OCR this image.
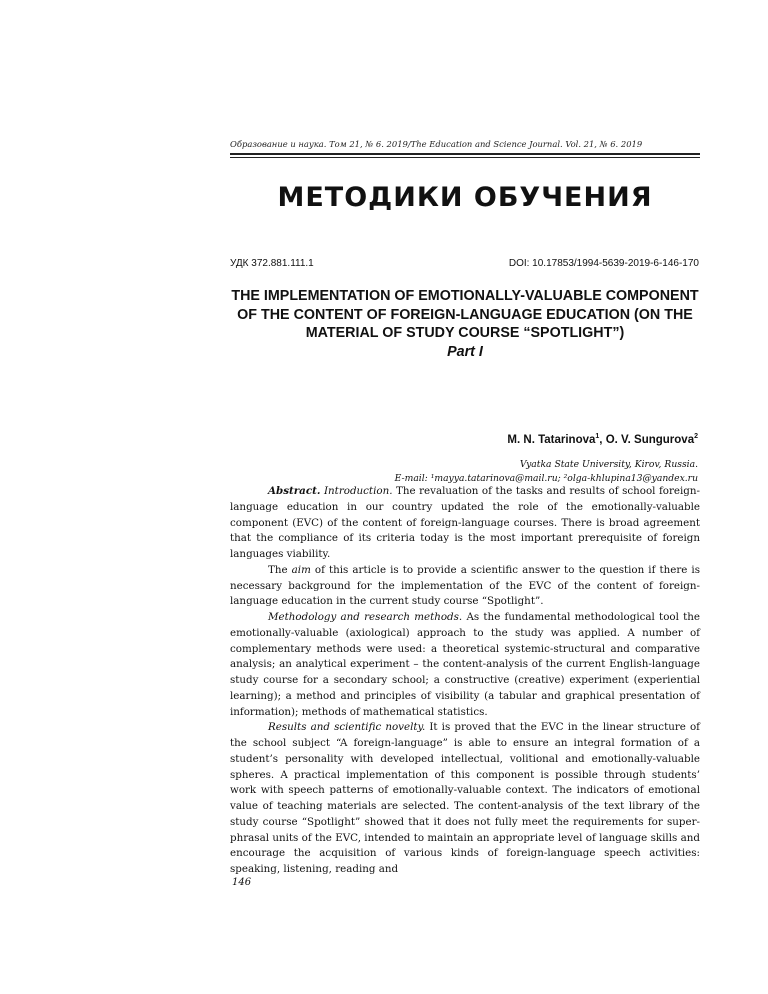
Образование и наука. Том 21, № 6. 2019/The Education and Science Journal. Vol. 21, № 6. 2019
МЕТОДИКИ ОБУЧЕНИЯ
УДК 372.881.111.1	DOI: 10.17853/1994-5639-2019-6-146-170
THE IMPLEMENTATION OF EMOTIONALLY-VALUABLE COMPONENT OF THE CONTENT OF FOREIGN-LANGUAGE EDUCATION (ON THE MATERIAL OF STUDY COURSE “SPOTLIGHT”)
Part I
M. N. Tatarinova$^1$, O. V. Sungurova$^2$
Vyatka State University, Kirov, Russia.
E-mail: ¹mayya.tatarinova@mail.ru; ²olga-khlupina13@yandex.ru

Abstract. Introduction. The revaluation of the tasks and results of school foreign-language education in our country updated the role of the emotionally-valuable component (EVC) of the content of foreign-language courses. There is broad agreement that the compliance of its criteria today is the most important prerequisite of foreign languages viability.

The aim of this article is to provide a scientific answer to the question if there is necessary background for the implementation of the EVC of the content of foreign-language education in the current study course “Spotlight”.

Methodology and research methods. As the fundamental methodological tool the emotionally-valuable (axiological) approach to the study was applied. A number of complementary methods were used: a theoretical systemic-structural and comparative analysis; an analytical experiment – the content-analysis of the current English-language study course for a secondary school; a constructive (creative) experiment (experiential learning); a method and principles of visibility (a tabular and graphical presentation of information); methods of mathematical statistics.

Results and scientific novelty. It is proved that the EVC in the linear structure of the school subject “A foreign-language” is able to ensure an integral formation of a student’s personality with developed intellectual, volitional and emotionally-valuable spheres. A practical implementation of this component is possible through students’ work with speech patterns of emotionally-valuable context. The indicators of emotional value of teaching materials are selected. The content-analysis of the text library of the study course “Spotlight” showed that it does not fully meet the requirements for super-phrasal units of the EVC, intended to maintain an appropriate level of language skills and encourage the acquisition of various kinds of foreign-language speech activities: speaking, listening, reading and

146
